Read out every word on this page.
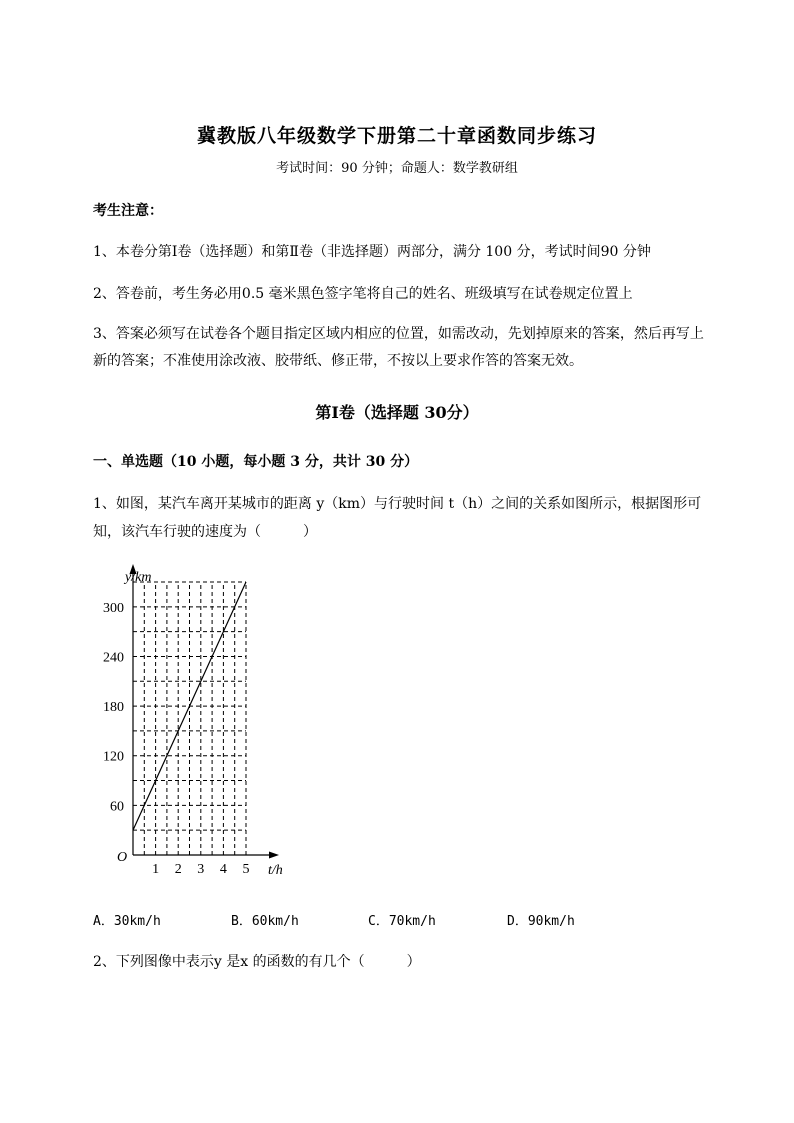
冀教版八年级数学下册第二十章函数同步练习
考试时间：90 分钟；命题人：数学教研组
考生注意：
1、本卷分第Ⅰ卷（选择题）和第Ⅱ卷（非选择题）两部分，满分 100 分，考试时间90 分钟
2、答卷前，考生务必用0.5 毫米黑色签字笔将自己的姓名、班级填写在试卷规定位置上
3、答案必须写在试卷各个题目指定区域内相应的位置，如需改动，先划掉原来的答案，然后再写上新的答案；不准使用涂改液、胶带纸、修正带，不按以上要求作答的答案无效。
第Ⅰ卷（选择题 30分）
一、单选题（10 小题，每小题 3 分，共计 30 分）
1、如图，某汽车离开某城市的距离 y（km）与行驶时间 t（h）之间的关系如图所示，根据图形可知，该汽车行驶的速度为（　　　）
y/km
t/h
O
1 2 3 4 5
60
120
180
240
300
A．30km/h	B．60km/h	C．70km/h	D．90km/h
2、下列图像中表示y 是x 的函数的有几个（　　　）
